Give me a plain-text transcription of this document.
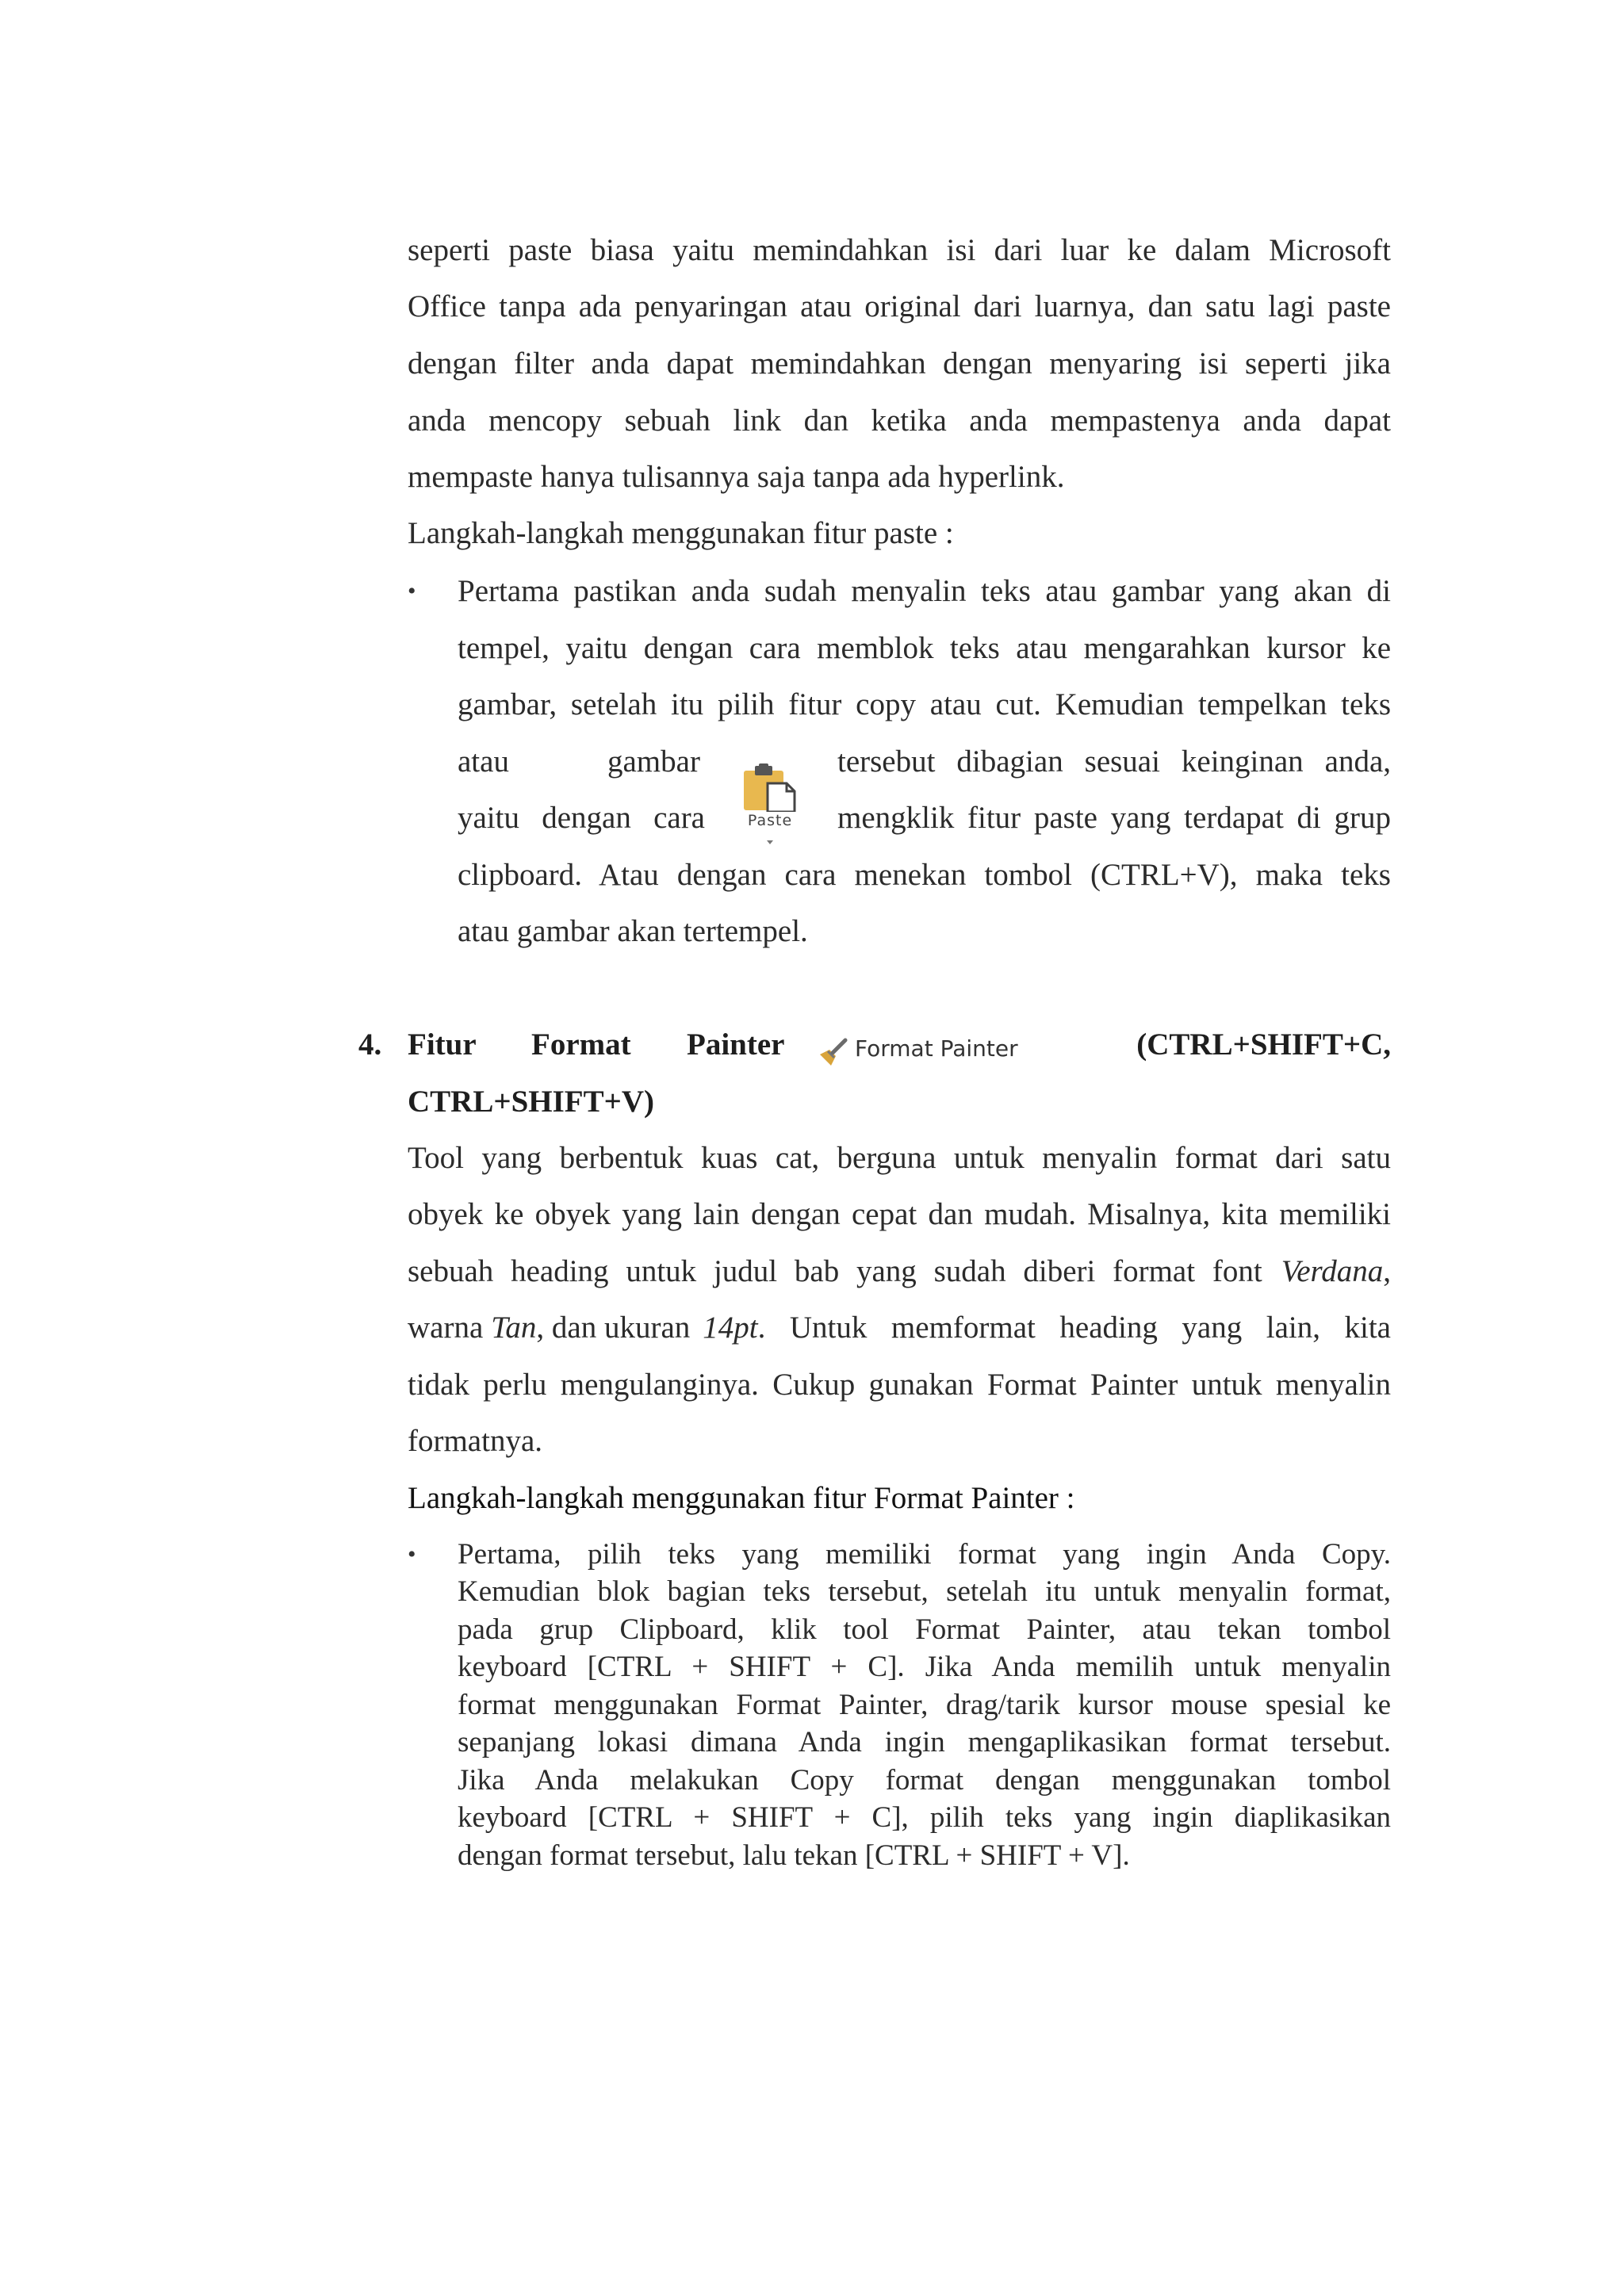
seperti paste biasa yaitu memindahkan isi dari luar ke dalam Microsoft
Office tanpa ada penyaringan atau original dari luarnya, dan satu lagi paste
dengan filter anda dapat memindahkan dengan menyaring isi seperti jika
anda mencopy sebuah link dan ketika anda mempastenya anda dapat
mempaste hanya tulisannya saja tanpa ada hyperlink.
Langkah-langkah menggunakan fitur paste :
• Pertama pastikan anda sudah menyalin teks atau gambar yang akan di
tempel, yaitu dengan cara memblok teks atau mengarahkan kursor ke
gambar, setelah itu pilih fitur copy atau cut. Kemudian tempelkan teks
atau	gambar	tersebut dibagian sesuai keinginan anda,
yaitu dengan cara	mengklik fitur paste yang terdapat di grup
clipboard. Atau dengan cara menekan tombol (CTRL+V), maka teks
atau gambar akan tertempel.
Paste
4. Fitur Format Painter	Format Painter	(CTRL+SHIFT+C,
CTRL+SHIFT+V)
Tool yang berbentuk kuas cat, berguna untuk menyalin format dari satu
obyek ke obyek yang lain dengan cepat dan mudah. Misalnya, kita memiliki
sebuah heading untuk judul bab yang sudah diberi format font Verdana ,
warna Tan , dan ukuran 14pt . Untuk memformat heading yang lain, kita
tidak perlu mengulanginya. Cukup gunakan Format Painter untuk menyalin
formatnya.
Langkah-langkah menggunakan fitur Format Painter :
• Pertama, pilih teks yang memiliki format yang ingin Anda Copy.
Kemudian blok bagian teks tersebut, setelah itu untuk menyalin format,
pada grup Clipboard, klik tool Format Painter, atau tekan tombol
keyboard [CTRL + SHIFT + C]. Jika Anda memilih untuk menyalin
format menggunakan Format Painter, drag/tarik kursor mouse spesial ke
sepanjang lokasi dimana Anda ingin mengaplikasikan format tersebut.
Jika Anda melakukan Copy format dengan menggunakan tombol
keyboard [CTRL + SHIFT + C], pilih teks yang ingin diaplikasikan
dengan format tersebut, lalu tekan [CTRL + SHIFT + V].
